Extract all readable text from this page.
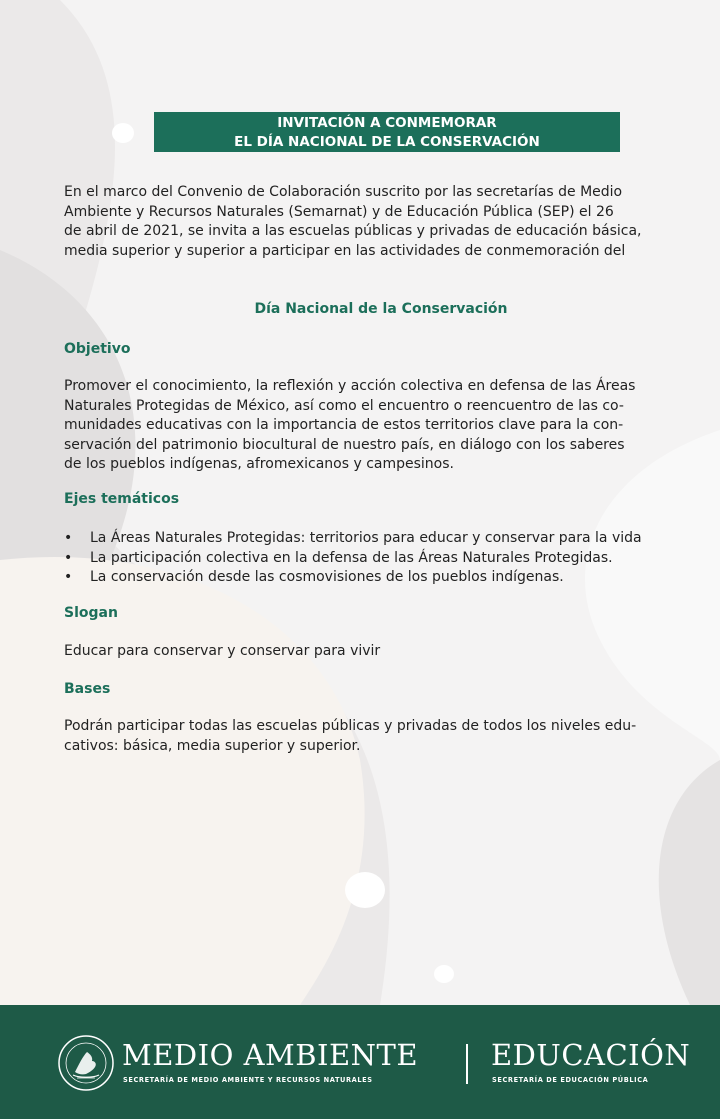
INVITACIÓN A CONMEMORAR
EL DÍA NACIONAL DE LA CONSERVACIÓN
En el marco del Convenio de Colaboración suscrito por las secretarías de Medio
Ambiente y Recursos Naturales (Semarnat) y de Educación Pública (SEP) el 26
de abril de 2021, se invita a las escuelas públicas y privadas de educación básica,
media superior y superior a participar en las actividades de conmemoración del
Día Nacional de la Conservación
Objetivo
Promover el conocimiento, la reflexión y acción colectiva en defensa de las Áreas
Naturales Protegidas de México, así como el encuentro o reencuentro de las co-
munidades educativas con la importancia de estos territorios clave para la con-
servación del patrimonio biocultural de nuestro país, en diálogo con los saberes
de los pueblos indígenas, afromexicanos y campesinos.
Ejes temáticos
• La Áreas Naturales Protegidas: territorios para educar y conservar para la vida
• La participación colectiva en la defensa de las Áreas Naturales Protegidas.
• La conservación desde las cosmovisiones de los pueblos indígenas.
Slogan
Educar para conservar y conservar para vivir
Bases
Podrán participar todas las escuelas públicas y privadas de todos los niveles edu-
cativos: básica, media superior y superior.
MEDIO AMBIENTE
SECRETARÍA DE MEDIO AMBIENTE Y RECURSOS NATURALES
EDUCACIÓN
SECRETARÍA DE EDUCACIÓN PÚBLICA
